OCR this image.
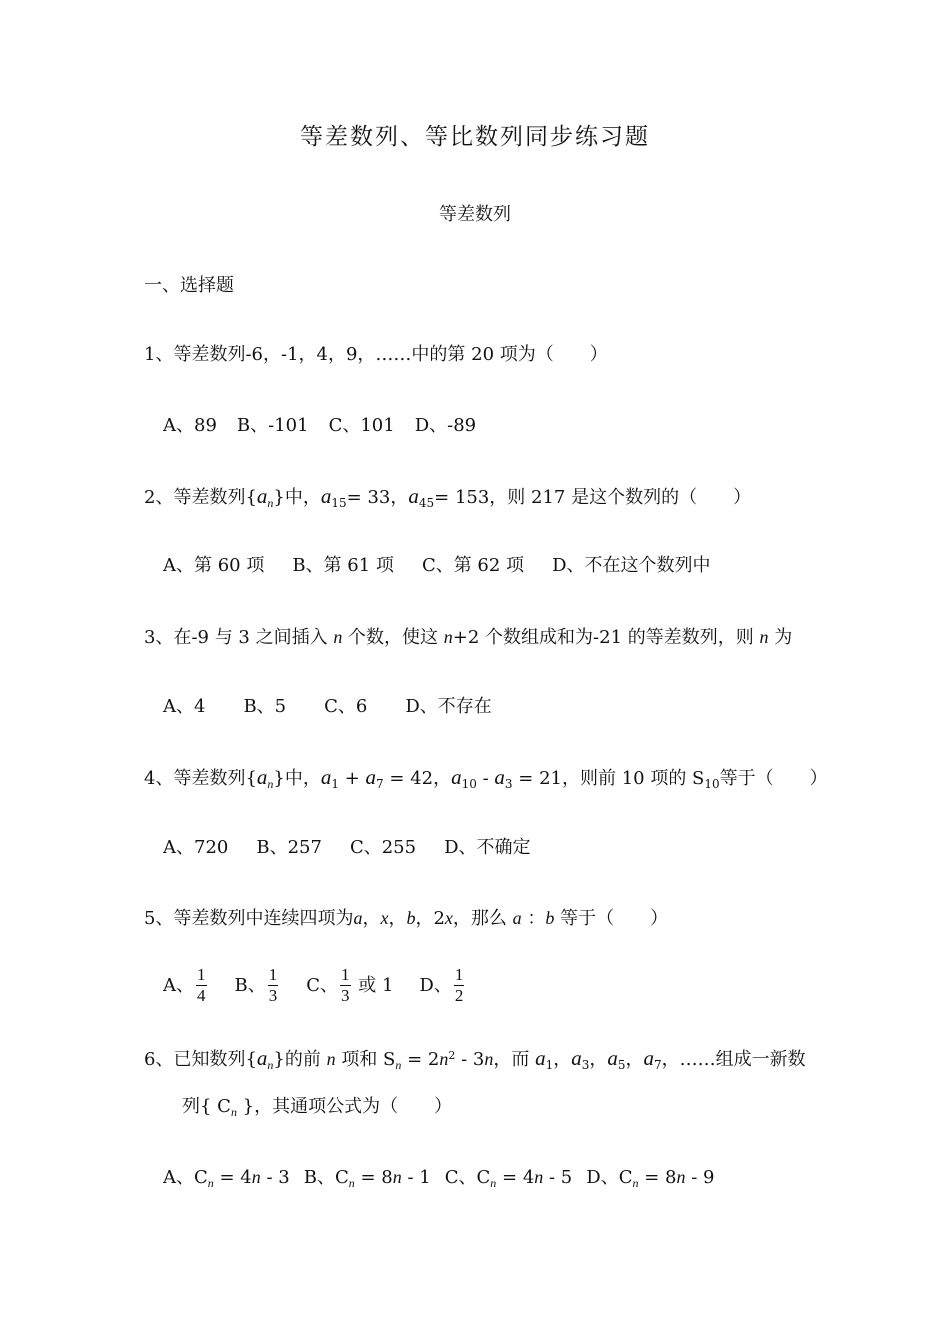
等差数列、等比数列同步练习题
等差数列
一、选择题
1、等差数列-6，-1，4，9，……中的第 20 项为（　　）
A、89 B、-101 C、101 D、-89
2、等差数列$\{a_n\}$中，$a_{15}= 33$，$a_{45}= 153$，则 217 是这个数列的（　　）
A、第 60 项 B、第 61 项 C、第 62 项 D、不在这个数列中
3、在-9 与 3 之间插入 n 个数，使这 n+2 个数组成和为-21 的等差数列，则 n 为
A、4 B、5 C、6 D、不存在
4、等差数列$\{a_n\}$中，$a_1 + a_7 = 42$，$a_{10} - a_3 = 21$，则前 10 项的 $S_{10}$等于（　　）
A、720 B、257 C、255 D、不确定
5、等差数列中连续四项为a，x，b，2x，那么 a ：b 等于（　　）
A、 $\frac{1}{4}$ B、 $\frac{1}{3}$ C、 $\frac{1}{3}$ 或 1 D、 $\frac{1}{2}$
6、已知数列$\{a_n\}$的前 n 项和 $S_n = 2n^2 - 3n$，而 $a_1$，$a_3$，$a_5$，$a_7$，……组成一新数
列{ $C_n$ }，其通项公式为（　　）
A、$C_n = 4n - 3$ B、$C_n = 8n - 1$ C、$C_n = 4n - 5$ D、$C_n = 8n - 9$
